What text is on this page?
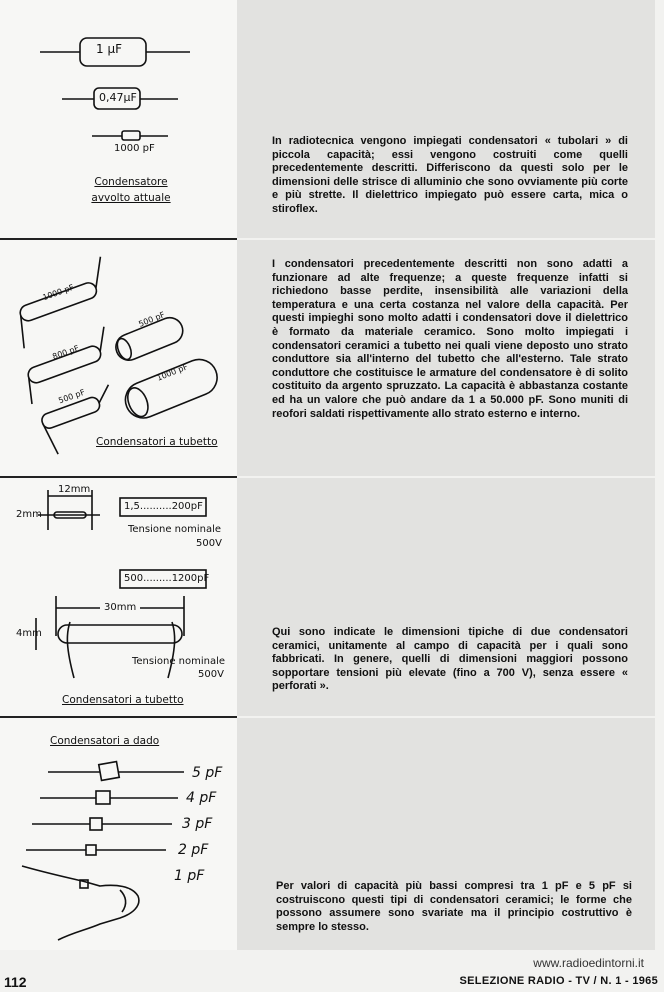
1 µF
0,47µF
1000 pF
Condensatore avvolto attuale
In radiotecnica vengono impiegati condensatori « tubolari » di piccola capacità; essi vengono costruiti come quelli precedentemente descritti. Differiscono da questi solo per le dimensioni delle strisce di alluminio che sono ovviamente più corte e più strette. Il dielettrico impiegato può essere carta, mica o stiroflex.
1000 pF
800 pF
500 pF
500 pF
1000 pF
Condensatori a tubetto
I condensatori precedentemente descritti non sono adatti a funzionare ad alte frequenze; a queste frequenze infatti si richiedono basse perdite, insensibilità alle variazioni della temperatura e una certa costanza nel valore della capacità. Per questi impieghi sono molto adatti i condensatori dove il dielettrico è formato da materiale ceramico. Sono molto impiegati i condensatori ceramici a tubetto nei quali viene deposto uno strato conduttore sia all'interno del tubetto che all'esterno. Tale strato conduttore che costituisce le armature del condensatore è di solito costituito da argento spruzzato. La capacità è abbastanza costante ed ha un valore che può andare da 1 a 50.000 pF. Sono muniti di reofori saldati rispettivamente allo strato esterno e interno.
12mm
2mm
1,5..........200pF
Tensione nominale
500V
500.........1200pF
30mm
4mm
Tensione nominale
500V
Condensatori a tubetto
Qui sono indicate le dimensioni tipiche di due condensatori ceramici, unitamente al campo di capacità per i quali sono fabbricati. In genere, quelli di dimensioni maggiori possono sopportare tensioni più elevate (fino a 700 V), senza essere « perforati ».
Condensatori a dado
5 pF
4 pF
3 pF
2 pF
1 pF
Per valori di capacità più bassi compresi tra 1 pF e 5 pF si costruiscono questi tipi di condensatori ceramici; le forme che possono assumere sono svariate ma il principio costruttivo è sempre lo stesso.
www.radioedintorni.it
112	SELEZIONE RADIO - TV / N. 1 - 1965
